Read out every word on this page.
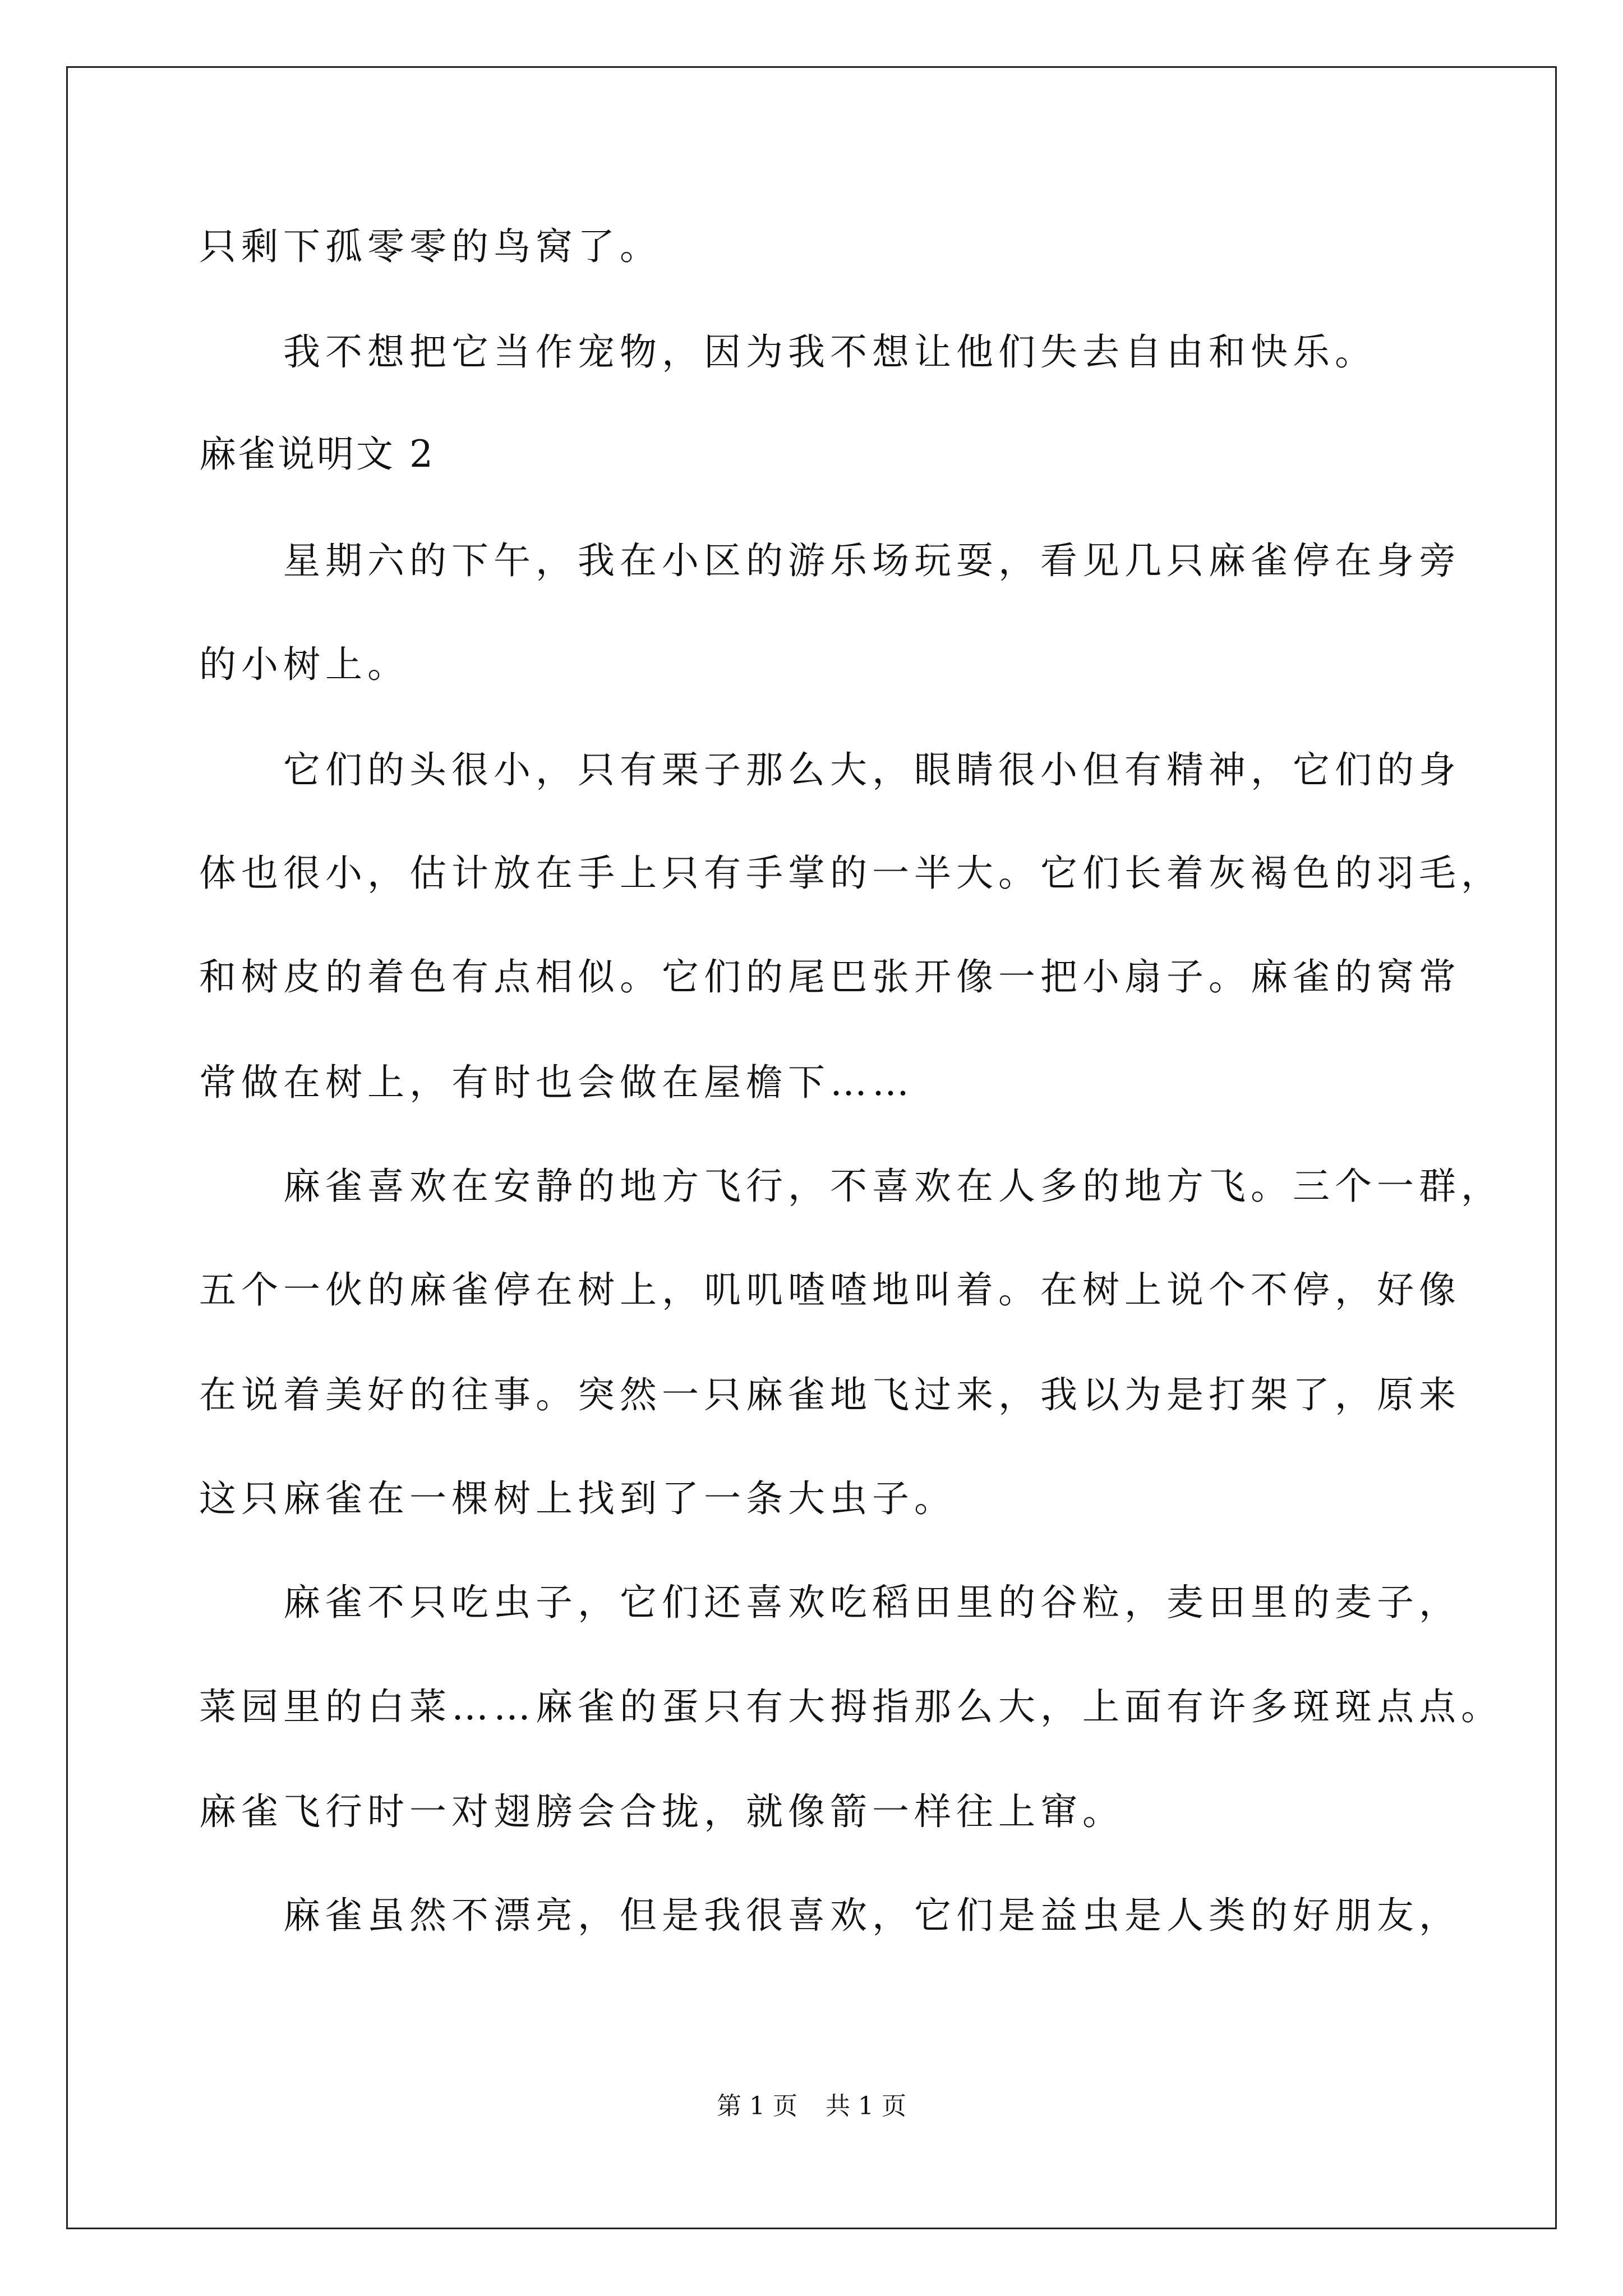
只剩下孤零零的鸟窝了。
我不想把它当作宠物，因为我不想让他们失去自由和快乐。
麻雀说明文 2
星期六的下午，我在小区的游乐场玩耍，看见几只麻雀停在身旁
的小树上。
它们的头很小，只有栗子那么大，眼睛很小但有精神，它们的身
体也很小，估计放在手上只有手掌的一半大。它们长着灰褐色的羽毛，
和树皮的着色有点相似。它们的尾巴张开像一把小扇子。麻雀的窝常
常做在树上，有时也会做在屋檐下……
麻雀喜欢在安静的地方飞行，不喜欢在人多的地方飞。三个一群，
五个一伙的麻雀停在树上，叽叽喳喳地叫着。在树上说个不停，好像
在说着美好的往事。突然一只麻雀地飞过来，我以为是打架了，原来
这只麻雀在一棵树上找到了一条大虫子。
麻雀不只吃虫子，它们还喜欢吃稻田里的谷粒，麦田里的麦子，
菜园里的白菜……麻雀的蛋只有大拇指那么大，上面有许多斑斑点点。
麻雀飞行时一对翅膀会合拢，就像箭一样往上窜。
麻雀虽然不漂亮，但是我很喜欢，它们是益虫是人类的好朋友，
第 1 页 共 1 页
